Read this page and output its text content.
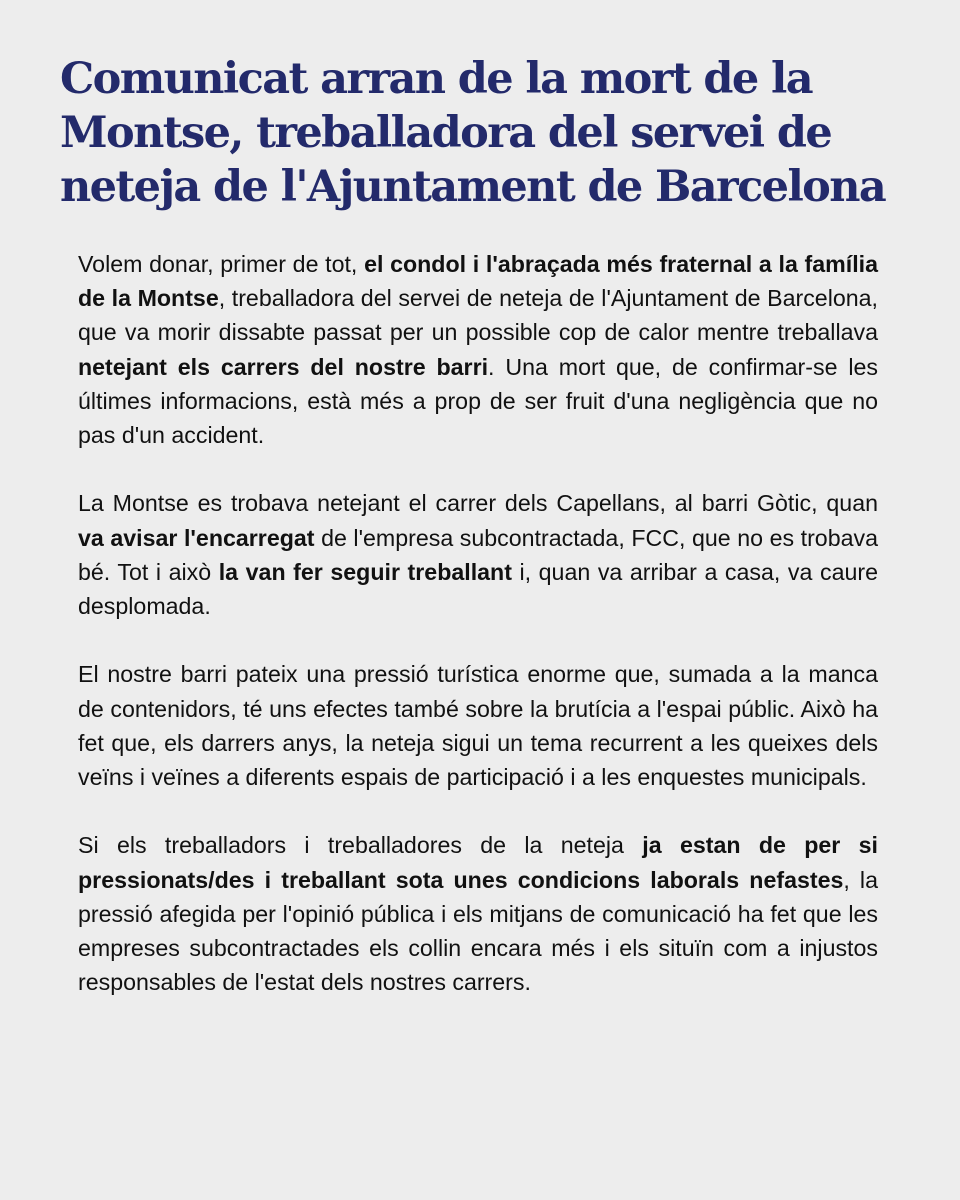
Comunicat arran de la mort de la Montse, treballadora del servei de neteja de l'Ajuntament de Barcelona

Volem donar, primer de tot, el condol i l'abraçada més fraternal a la família de la Montse, treballadora del servei de neteja de l'Ajuntament de Barcelona, que va morir dissabte passat per un possible cop de calor mentre treballava netejant els carrers del nostre barri. Una mort que, de confirmar-se les últimes informacions, està més a prop de ser fruit d'una negligència que no pas d'un accident.

La Montse es trobava netejant el carrer dels Capellans, al barri Gòtic, quan va avisar l'encarregat de l'empresa subcontractada, FCC, que no es trobava bé. Tot i això la van fer seguir treballant i, quan va arribar a casa, va caure desplomada.

El nostre barri pateix una pressió turística enorme que, sumada a la manca de contenidors, té uns efectes també sobre la brutícia a l'espai públic. Això ha fet que, els darrers anys, la neteja sigui un tema recurrent a les queixes dels veïns i veïnes a diferents espais de participació i a les enquestes municipals.

Si els treballadors i treballadores de la neteja ja estan de per si pressionats/des i treballant sota unes condicions laborals nefastes, la pressió afegida per l'opinió pública i els mitjans de comunicació ha fet que les empreses subcontractades els collin encara més i els situïn com a injustos responsables de l'estat dels nostres carrers.
